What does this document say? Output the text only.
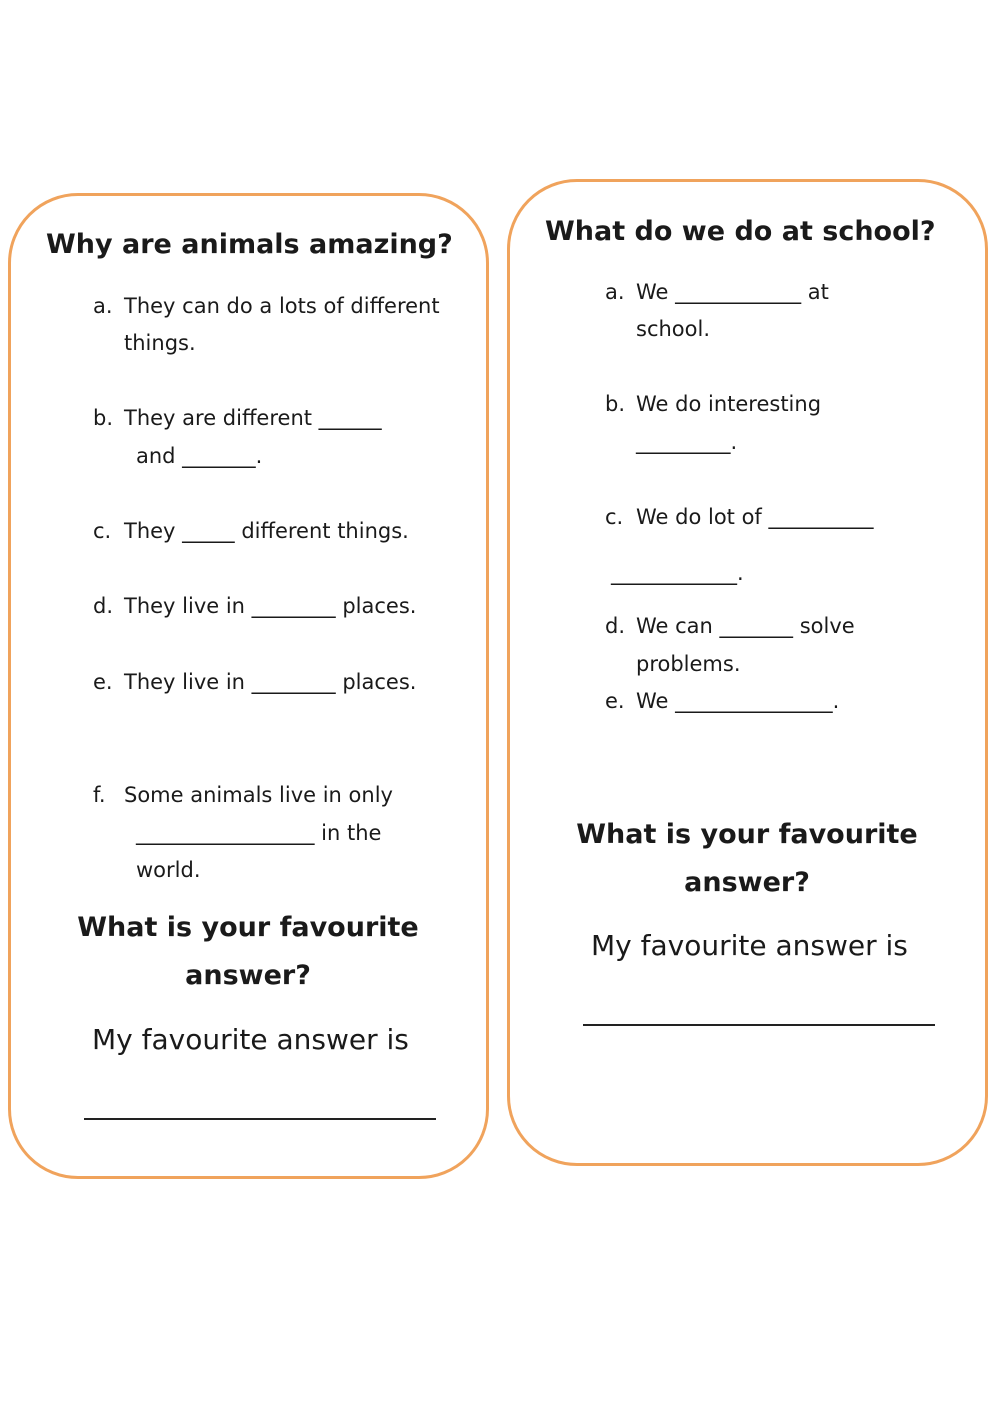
Why are animals amazing?
a. They can do a lots of different
things.
b. They are different ______
and _______.
c. They _____ different things.
d. They live in ________ places.
e. They live in ________ places.
f. Some animals live in only
_________________ in the
world.
What is your favourite
answer?
My favourite answer is
What do we do at school?
a. We ____________ at
school.
b. We do interesting
_________.
c. We do lot of __________
____________.
d. We can _______ solve
problems.
e. We _______________.
What is your favourite
answer?
My favourite answer is
